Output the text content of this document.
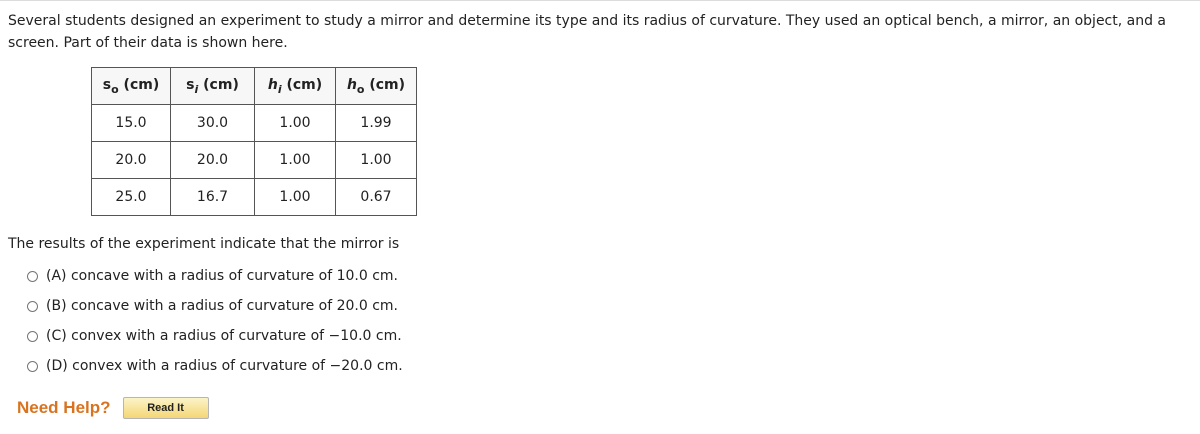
Several students designed an experiment to study a mirror and determine its type and its radius of curvature. They used an optical bench, a mirror, an object, and a screen. Part of their data is shown here.
$s_o$ (cm)	$s_i$ (cm)	$h_i$ (cm)	$h_o$ (cm)
15.0	30.0	1.00	1.99
20.0	20.0	1.00	1.00
25.0	16.7	1.00	0.67
The results of the experiment indicate that the mirror is
(A) concave with a radius of curvature of 10.0 cm.
(B) concave with a radius of curvature of 20.0 cm.
(C) convex with a radius of curvature of −10.0 cm.
(D) convex with a radius of curvature of −20.0 cm.
Need Help?	Read It
